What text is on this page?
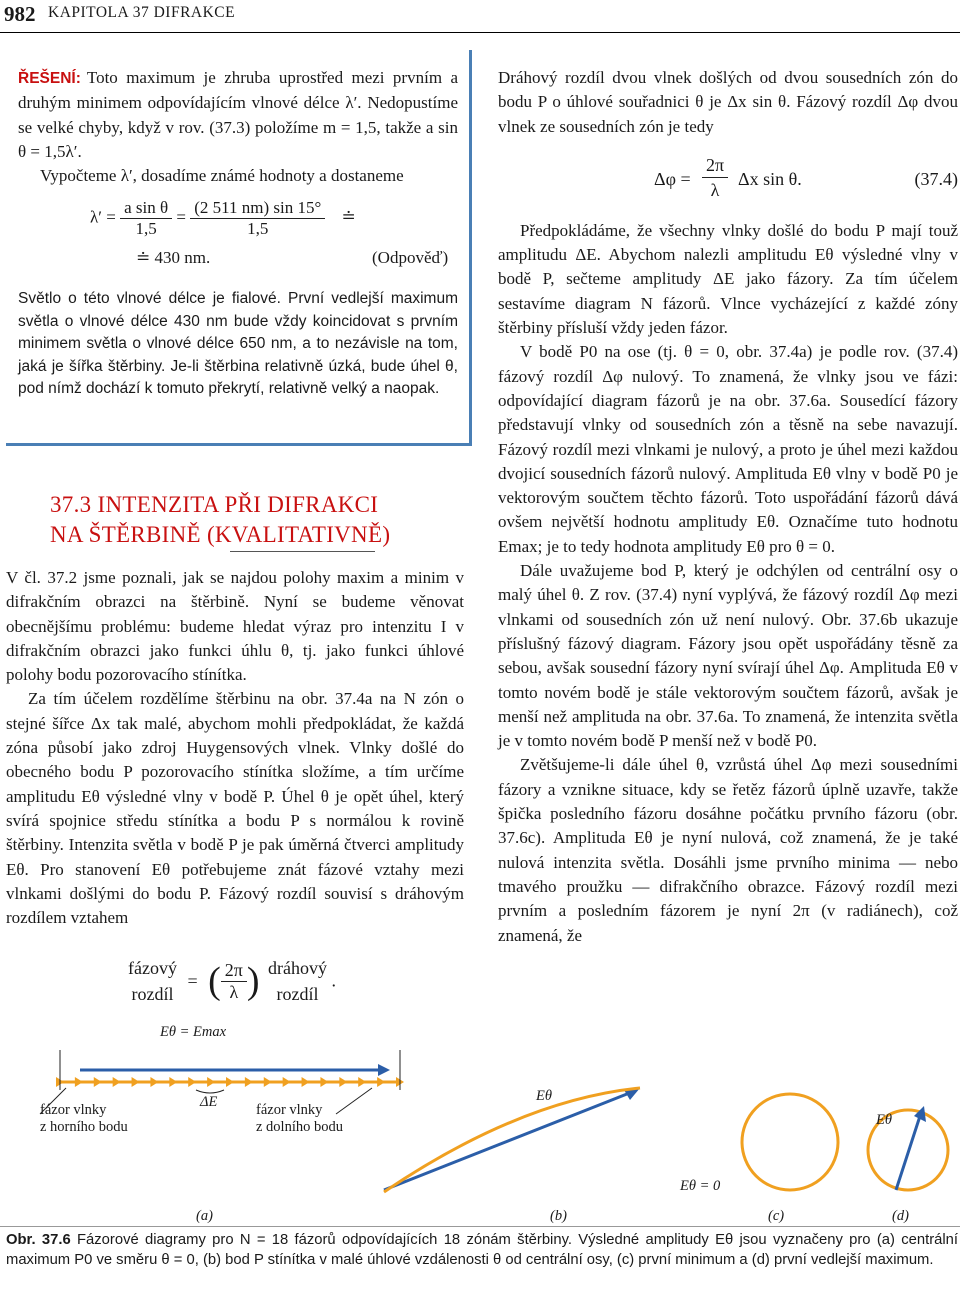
982 KAPITOLA 37 DIFRAKCE

ŘEŠENÍ: Toto maximum je zhruba uprostřed mezi prvním a druhým minimem odpovídajícím vlnové délce λ′. Nedopustíme se velké chyby, když v rov. (37.3) položíme m = 1,5, takže a sin θ = 1,5λ′.

Vypočteme λ′, dosadíme známé hodnoty a dostaneme

$\lambda' = \frac{\text{a sin θ}}{1,5} = \frac{(2 511 nm) \sin 15^\circ}{1,5}$ ≐
≐ 430 nm.	(Odpověď)
Světlo o této vlnové délce je fialové. První vedlejší maximum světla o vlnové délce 430 nm bude vždy koincidovat s prvním minimem světla o vlnové délce 650 nm, a to nezávisle na tom, jaká je šířka štěrbiny. Je-li štěrbina relativně úzká, bude úhel θ, pod nímž dochází k tomuto překrytí, relativně velký a naopak.
37.3 INTENZITA PŘI DIFRAKCI
NA ŠTĚRBINĚ (KVALITATIVNĚ)

V čl. 37.2 jsme poznali, jak se najdou polohy maxim a minim v difrakčním obrazci na štěrbině. Nyní se budeme věnovat obecnějšímu problému: budeme hledat výraz pro intenzitu I v difrakčním obrazci jako funkci úhlu θ, tj. jako funkci úhlové polohy bodu pozorovacího stínítka.

Za tím účelem rozdělíme štěrbinu na obr. 37.4a na N zón o stejné šířce Δx tak malé, abychom mohli předpokládat, že každá zóna působí jako zdroj Huygensových vlnek. Vlnky došlé do obecného bodu P pozorovacího stínítka složíme, a tím určíme amplitudu Eθ výsledné vlny v bodě P. Úhel θ je opět úhel, který svírá spojnice středu stínítka a bodu P s normálou k rovině štěrbiny. Intenzita světla v bodě P je pak úměrná čtverci amplitudy Eθ. Pro stanovení Eθ potřebujeme znát fázové vztahy mezi vlnkami došlými do bodu P. Fázový rozdíl souvisí s dráhovým rozdílem vztahem

fázový
rozdíl
= ( $\frac{2\pi}{\lambda}$ ) dráhový
rozdíl
.

Dráhový rozdíl dvou vlnek došlých od dvou sousedních zón do bodu P o úhlové souřadnici θ je Δx sin θ. Fázový rozdíl Δφ dvou vlnek ze sousedních zón je tedy

$\Delta\varphi = \frac{2\pi}{\lambda}$ Δx sin θ.	(37.4)

Předpokládáme, že všechny vlnky došlé do bodu P mají touž amplitudu ΔE. Abychom nalezli amplitudu Eθ výsledné vlny v bodě P, sečteme amplitudy ΔE jako fázory. Za tím účelem sestavíme diagram N fázorů. Vlnce vycházející z každé zóny štěrbiny přísluší vždy jeden fázor.

V bodě P0 na ose (tj. θ = 0, obr. 37.4a) je podle rov. (37.4) fázový rozdíl Δφ nulový. To znamená, že vlnky jsou ve fázi: odpovídající diagram fázorů je na obr. 37.6a. Sousedící fázory představují vlnky od sousedních zón a těsně na sebe navazují. Fázový rozdíl mezi vlnkami je nulový, a proto je úhel mezi každou dvojicí sousedních fázorů nulový. Amplituda Eθ vlny v bodě P0 je vektorovým součtem těchto fázorů. Toto uspořádání fázorů dává ovšem největší hodnotu amplitudy Eθ. Označíme tuto hodnotu Emax; je to tedy hodnota amplitudy Eθ pro θ = 0.

Dále uvažujeme bod P, který je odchýlen od centrální osy o malý úhel θ. Z rov. (37.4) nyní vyplývá, že fázový rozdíl Δφ mezi vlnkami od sousedních zón už není nulový. Obr. 37.6b ukazuje příslušný fázový diagram. Fázory jsou opět uspořádány těsně za sebou, avšak sousední fázory nyní svírají úhel Δφ. Amplituda Eθ v tomto novém bodě je stále vektorovým součtem fázorů, avšak je menší než amplituda na obr. 37.6a. To znamená, že intenzita světla je v tomto novém bodě P menší než v bodě P0.

Zvětšujeme-li dále úhel θ, vzrůstá úhel Δφ mezi sousedními fázory a vznikne situace, kdy se řetěz fázorů úplně uzavře, takže špička posledního fázoru dosáhne počátku prvního fázoru (obr. 37.6c). Amplituda Eθ je nyní nulová, což znamená, že je také nulová intenzita světla. Dosáhli jsme prvního minima — nebo tmavého proužku — difrakčního obrazce. Fázový rozdíl mezi prvním a posledním fázorem je nyní 2π (v radiánech), což znamená, že

Eθ = Emax
ΔE
fázor vlnky
z horního bodu
fázor vlnky
z dolního bodu
Eθ
Eθ = 0
Eθ
(a)	(b)	(c)	(d)
Obr. 37.6 Fázorové diagramy pro N = 18 fázorů odpovídajících 18 zónám štěrbiny. Výsledné amplitudy Eθ jsou vyznačeny pro (a) centrální maximum P0 ve směru θ = 0, (b) bod P stínítka v malé úhlové vzdálenosti θ od centrální osy, (c) první minimum a (d) první vedlejší maximum.
